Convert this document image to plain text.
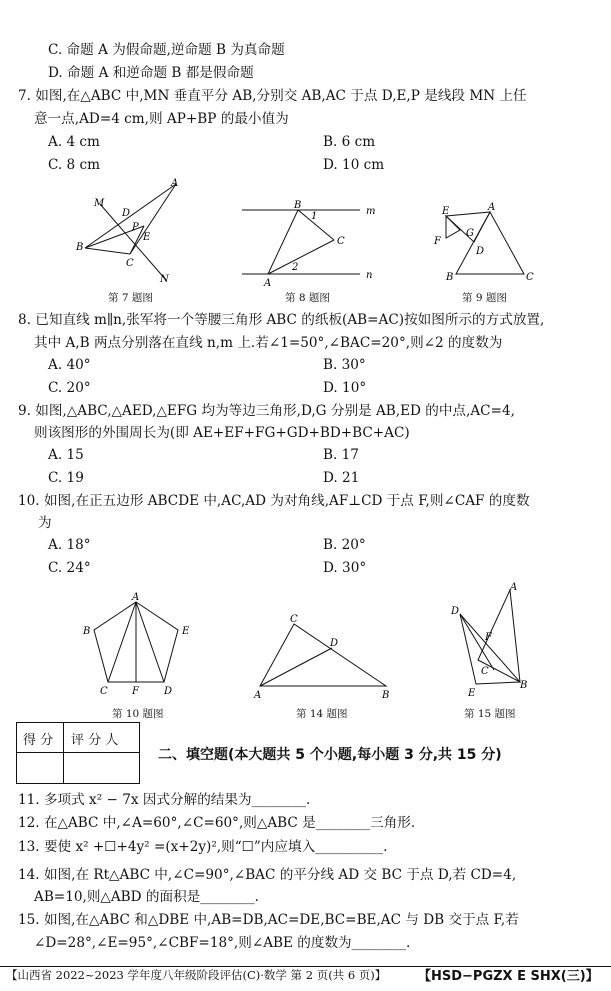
C. 命题 A 为假命题,逆命题 B 为真命题
D. 命题 A 和逆命题 B 都是假命题
7. 如图,在△ABC 中,MN 垂直平分 AB,分别交 AB,AC 于点 D,E,P 是线段 MN 上任
意一点,AD=4 cm,则 AP+BP 的最小值为
A. 4 cm	B. 6 cm
C. 8 cm	D. 10 cm
A
M
D
P
E
B
C
N
第 7 题图
B
1	m
C
A
2
n
第 8 题图
A
E
G
F
D
B	C
第 9 题图
8. 已知直线 m∥n,张军将一个等腰三角形 ABC 的纸板(AB=AC)按如图所示的方式放置,
其中 A,B 两点分别落在直线 n,m 上.若∠1=50°,∠BAC=20°,则∠2 的度数为
A. 40°	B. 30°
C. 20°	D. 10°
9. 如图,△ABC,△AED,△EFG 均为等边三角形,D,G 分别是 AB,ED 的中点,AC=4,
则该图形的外围周长为(即 AE+EF+FG+GD+BD+BC+AC)
A. 15	B. 17
C. 19	D. 21
10. 如图,在正五边形 ABCDE 中,AC,AD 为对角线,AF⊥CD 于点 F,则∠CAF 的度数
为
A. 18°	B. 20°
C. 24°	D. 30°
A
B	E
C F	D
第 10 题图
C
D
A	B
第 14 题图
A
D
F
C
B
E
第 15 题图
得 分 评 分 人
二、填空题(本大题共 5 个小题,每小题 3 分,共 15 分)
11. 多项式 x² − 7x 因式分解的结果为________.
12. 在△ABC 中,∠A=60°,∠C=60°,则△ABC 是________三角形.
13. 要使 x² +☐+4y² =(x+2y)²,则“☐”内应填入__________.
14. 如图,在 Rt△ABC 中,∠C=90°,∠BAC 的平分线 AD 交 BC 于点 D,若 CD=4,
AB=10,则△ABD 的面积是________.
15. 如图,在△ABC 和△DBE 中,AB=DB,AC=DE,BC=BE,AC 与 DB 交于点 F,若
∠D=28°,∠E=95°,∠CBF=18°,则∠ABE 的度数为________.
【山西省 2022~2023 学年度八年级阶段评估(C)·数学 第 2 页(共 6 页)】 【HSD−PGZX E SHX(三)】
